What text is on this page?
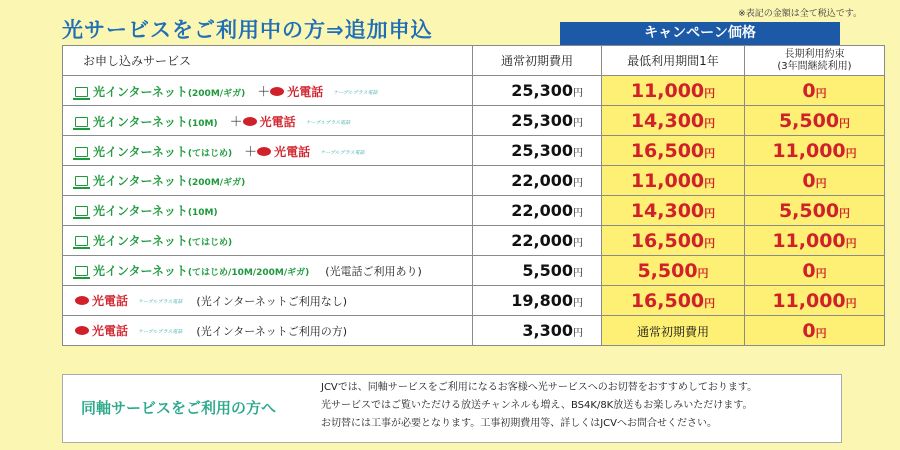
光サービスをご利用中の方⇒追加申込
※表記の金額は全て税込です。
キャンペーン価格
お申し込みサービス	通常初期費用	最低利用期間1年	長期利用約束
(3年間継続利用)
光インターネット(200M/ギガ) ＋ 光電話 ケーブルプラス電話	25,300円	11,000円	0円
光インターネット(10M) ＋ 光電話 ケーブルプラス電話	25,300円	14,300円	5,500円
光インターネット(てはじめ) ＋ 光電話 ケーブルプラス電話	25,300円	16,500円	11,000円
光インターネット(200M/ギガ)	22,000円	11,000円	0円
光インターネット(10M)	22,000円	14,300円	5,500円
光インターネット(てはじめ)	22,000円	16,500円	11,000円
光インターネット(てはじめ/10M/200M/ギガ) (光電話ご利用あり)	5,500円	5,500円	0円
光電話 ケーブルプラス電話 (光インターネットご利用なし)	19,800円	16,500円	11,000円
光電話 ケーブルプラス電話 (光インターネットご利用の方)	3,300円	通常初期費用	0円
同軸サービスをご利用の方へ
JCVでは、同軸サービスをご利用になるお客様へ光サービスへのお切替をおすすめしております。
光サービスではご覧いただける放送チャンネルも増え、BS4K/8K放送もお楽しみいただけます。
お切替には工事が必要となります。工事初期費用等、詳しくはJCVへお問合せください。
